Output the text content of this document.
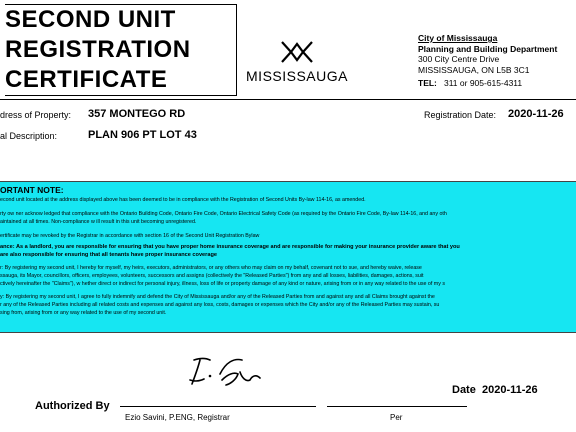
SECOND UNIT
REGISTRATION
CERTIFICATE	MISSISSAUGA
City of Mississauga
Planning and Building Department
300 City Centre Drive
MISSISSAUGA, ON L5B 3C1
TEL: 311 or 905-615-4311
dress of Property: 357 MONTEGO RD	Registration Date: 2020-11-26
al Description:	PLAN 906 PT LOT 43
ORTANT NOTE:

econd unit located at the address displayed above has been deemed to be in compliance with the Registration of Second Units By-law 114-16, as amended.

rty ow ner acknow ledged that compliance with the Ontario Building Code, Ontario Fire Code, Ontario Electrical Safety Code (as required by the Ontario Fire Code, By-law 114-16, and any oth

aintained at all times. Non-compliance w ill result in this unit becoming unregistered.

ertificate may be revoked by the Registrar in accordance with section 16 of the Second Unit Registration Bylaw

ance: As a landlord, you are responsible for ensuring that you have proper home insurance coverage and are responsible for making your insurance provider aware that you

are also responsible for ensuring that all tenants have proper insurance coverage

r: By registering my second unit, I hereby for myself, my heirs, executors, administrators, or any others who may claim on my behalf, covenant not to sue, and hereby waive, release

ssauga, its Mayor, councillors, officers, employees, volunteers, successors and assigns (collectively the "Released Parties") from any and all losses, liabilities, damages, actions, suit

ctively hereinafter the "Claims"), w hether direct or indirect for personal injury, illness, loss of life or property damage of any kind or nature, arising from or in any way related to the use of my s

y: By registering my second unit, I agree to fully indemnify and defend the City of Mississauga and/or any of the Released Parties from and against any and all Claims brought against the

r any of the Released Parties including all related costs and expenses and against any loss, costs, damages or expenses which the City and/or any of the Released Parties may sustain, su

sing from, arising from or any way related to the use of my second unit.

Authorized By
Ezio Savini, P.ENG, Registrar	Per
Date 2020-11-26
